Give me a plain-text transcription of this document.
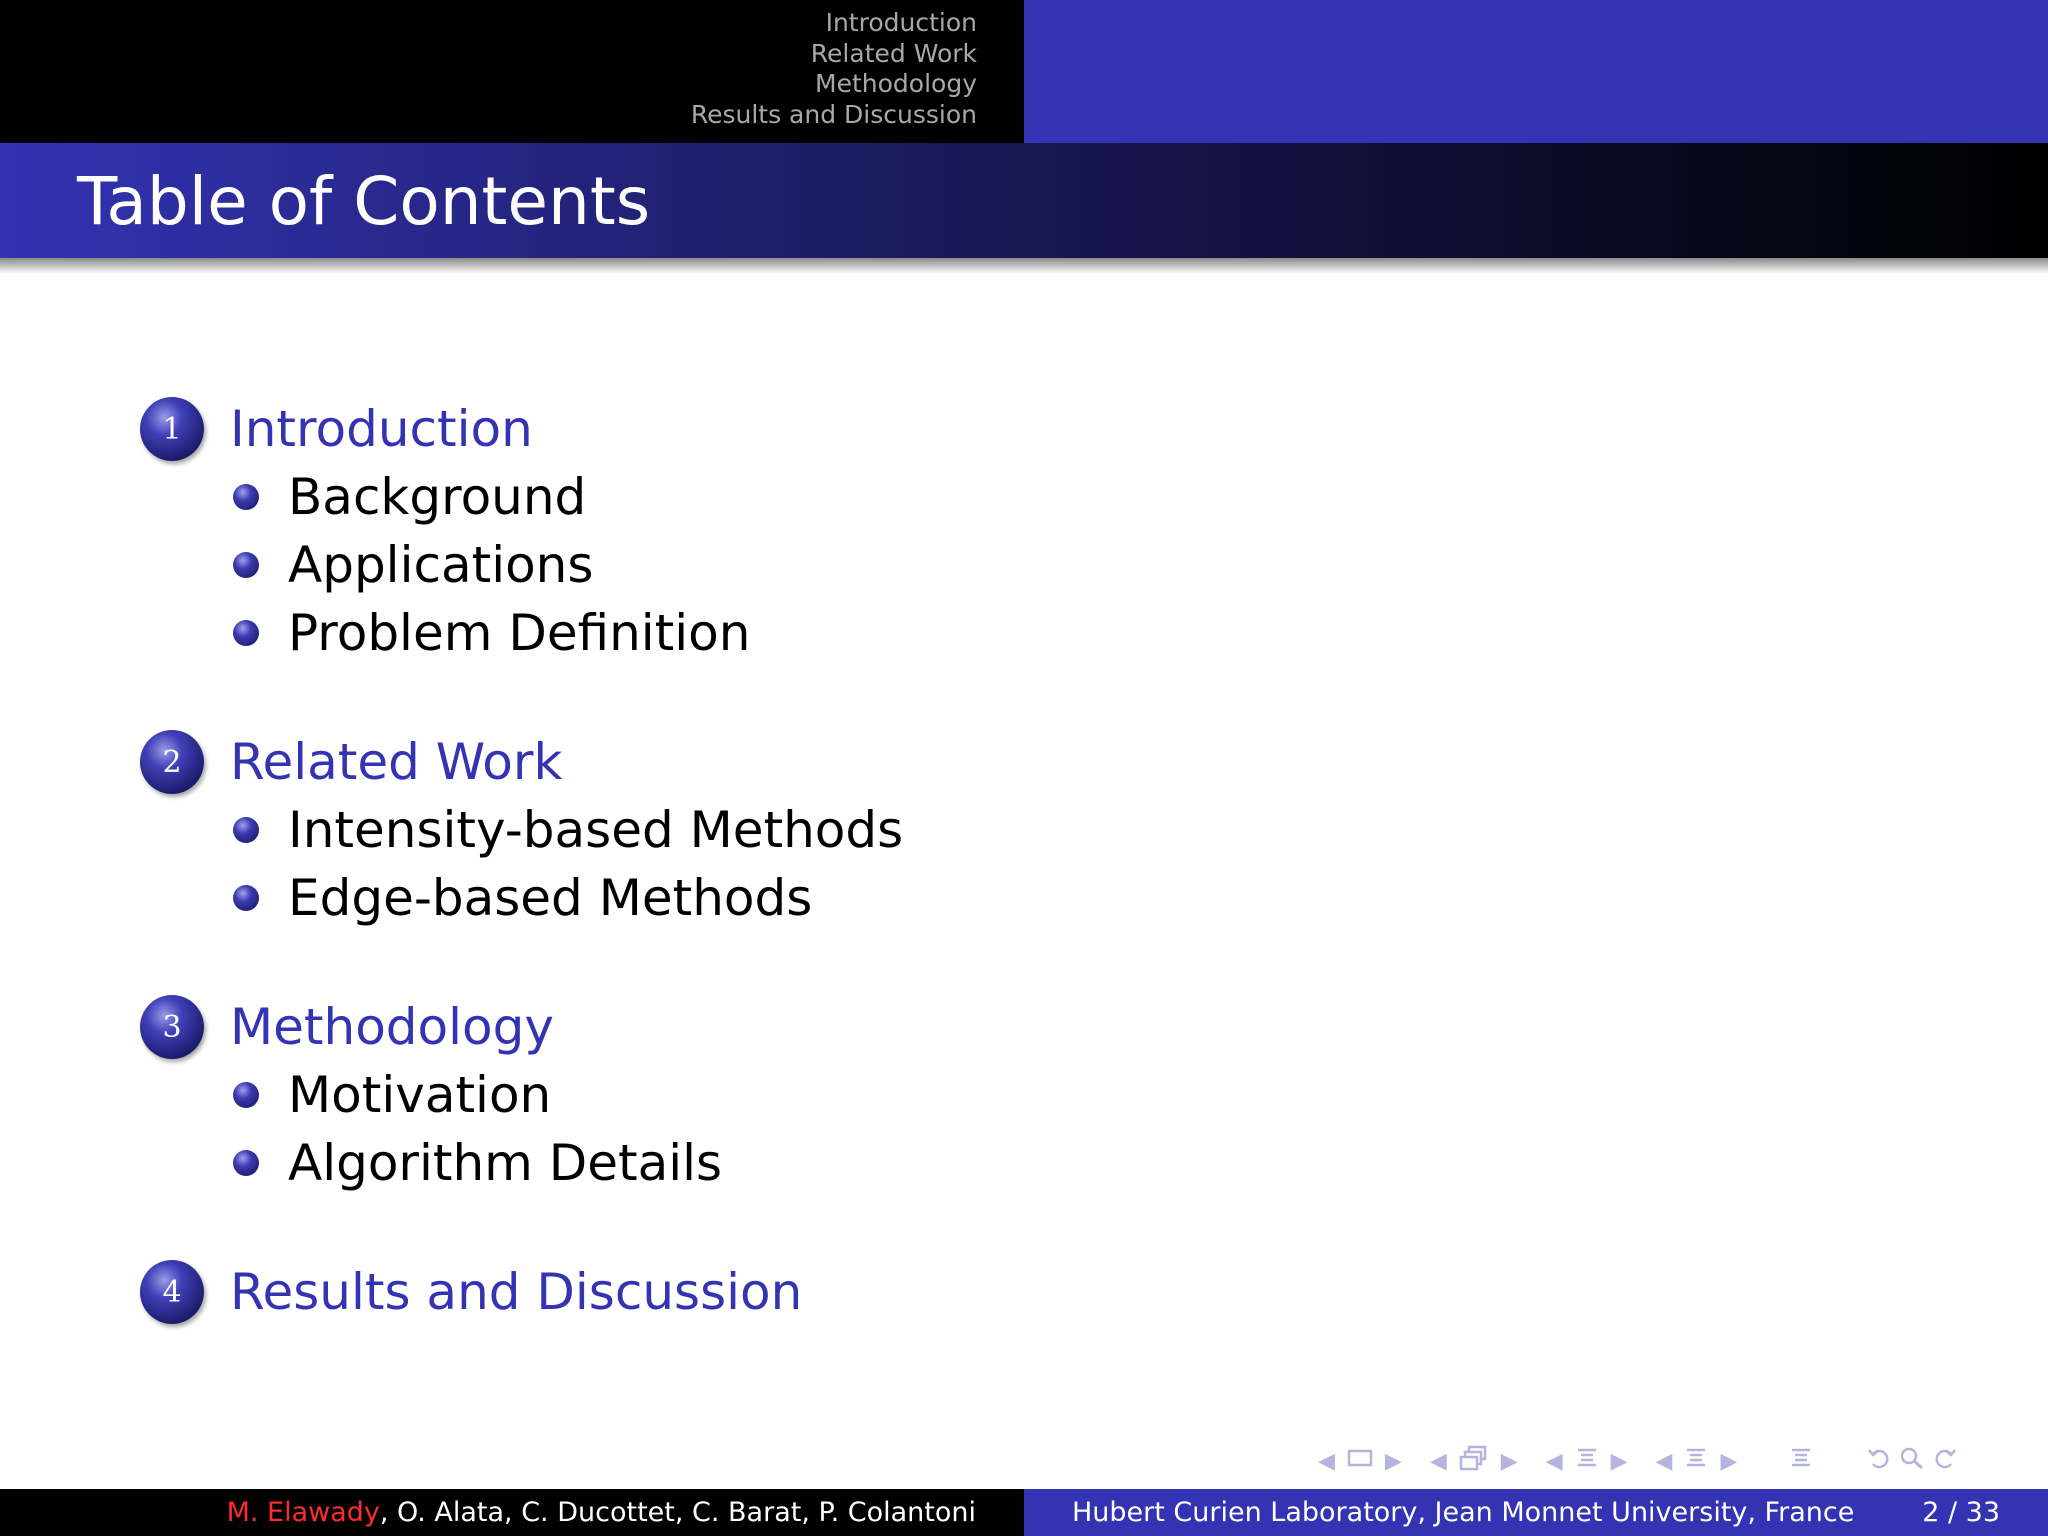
Introduction
Related Work
Methodology
Results and Discussion
Table of Contents
1 Introduction
Background
Applications
Problem Definition
2 Related Work
Intensity-based Methods
Edge-based Methods
3 Methodology
Motivation
Algorithm Details
4 Results and Discussion
◀ ▶ ◀ ▶ ◀ ▶ ◀ ▶
M. Elawady, O. Alata, C. Ducottet, C. Barat, P. Colantoni	Hubert Curien Laboratory, Jean Monnet University, France	2 / 33
